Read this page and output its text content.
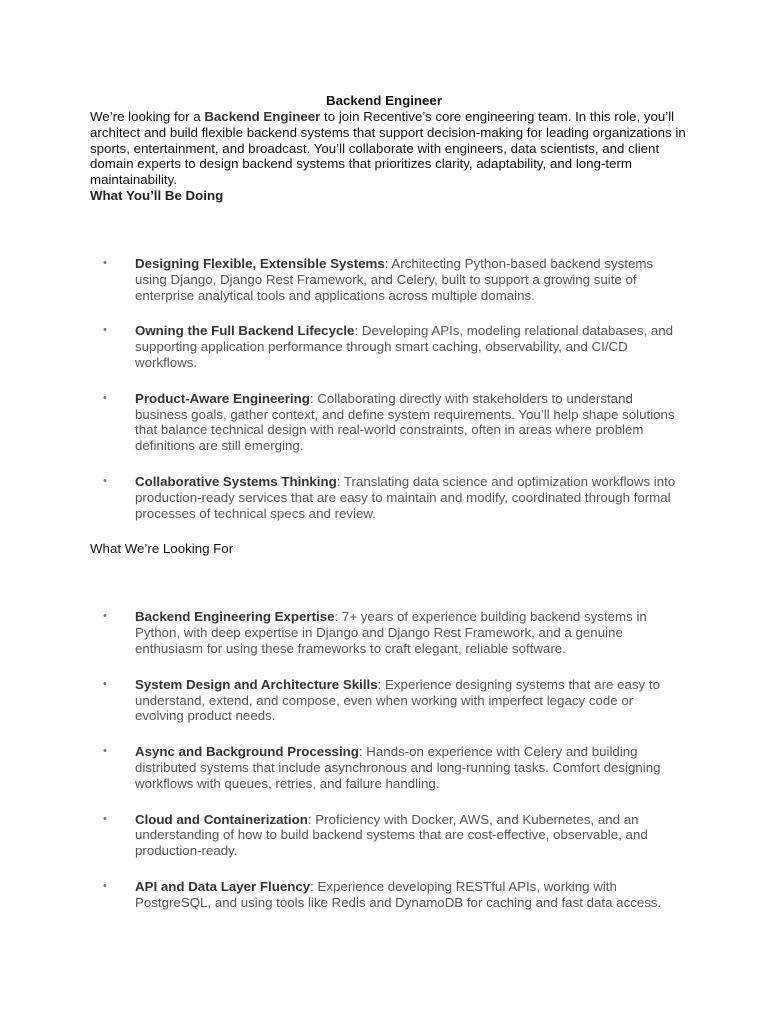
Backend Engineer

We’re looking for a Backend Engineer to join Recentive’s core engineering team. In this role, you’ll architect and build flexible backend systems that support decision-making for leading organizations in sports, entertainment, and broadcast. You’ll collaborate with engineers, data scientists, and client domain experts to design backend systems that prioritizes clarity, adaptability, and long-term maintainability.

What You’ll Be Doing
• Designing Flexible, Extensible Systems: Architecting Python-based backend systems using Django, Django Rest Framework, and Celery, built to support a growing suite of enterprise analytical tools and applications across multiple domains.
• Owning the Full Backend Lifecycle: Developing APIs, modeling relational databases, and supporting application performance through smart caching, observability, and CI/CD workflows.
• Product-Aware Engineering: Collaborating directly with stakeholders to understand business goals, gather context, and define system requirements. You’ll help shape solutions that balance technical design with real-world constraints, often in areas where problem definitions are still emerging.
• Collaborative Systems Thinking: Translating data science and optimization workflows into production-ready services that are easy to maintain and modify, coordinated through formal processes of technical specs and review.
What We’re Looking For
• Backend Engineering Expertise: 7+ years of experience building backend systems in Python, with deep expertise in Django and Django Rest Framework, and a genuine enthusiasm for using these frameworks to craft elegant, reliable software.
• System Design and Architecture Skills: Experience designing systems that are easy to understand, extend, and compose, even when working with imperfect legacy code or evolving product needs.
• Async and Background Processing: Hands-on experience with Celery and building distributed systems that include asynchronous and long-running tasks. Comfort designing workflows with queues, retries, and failure handling.
• Cloud and Containerization: Proficiency with Docker, AWS, and Kubernetes, and an understanding of how to build backend systems that are cost-effective, observable, and production-ready.
• API and Data Layer Fluency: Experience developing RESTful APIs, working with PostgreSQL, and using tools like Redis and DynamoDB for caching and fast data access.
